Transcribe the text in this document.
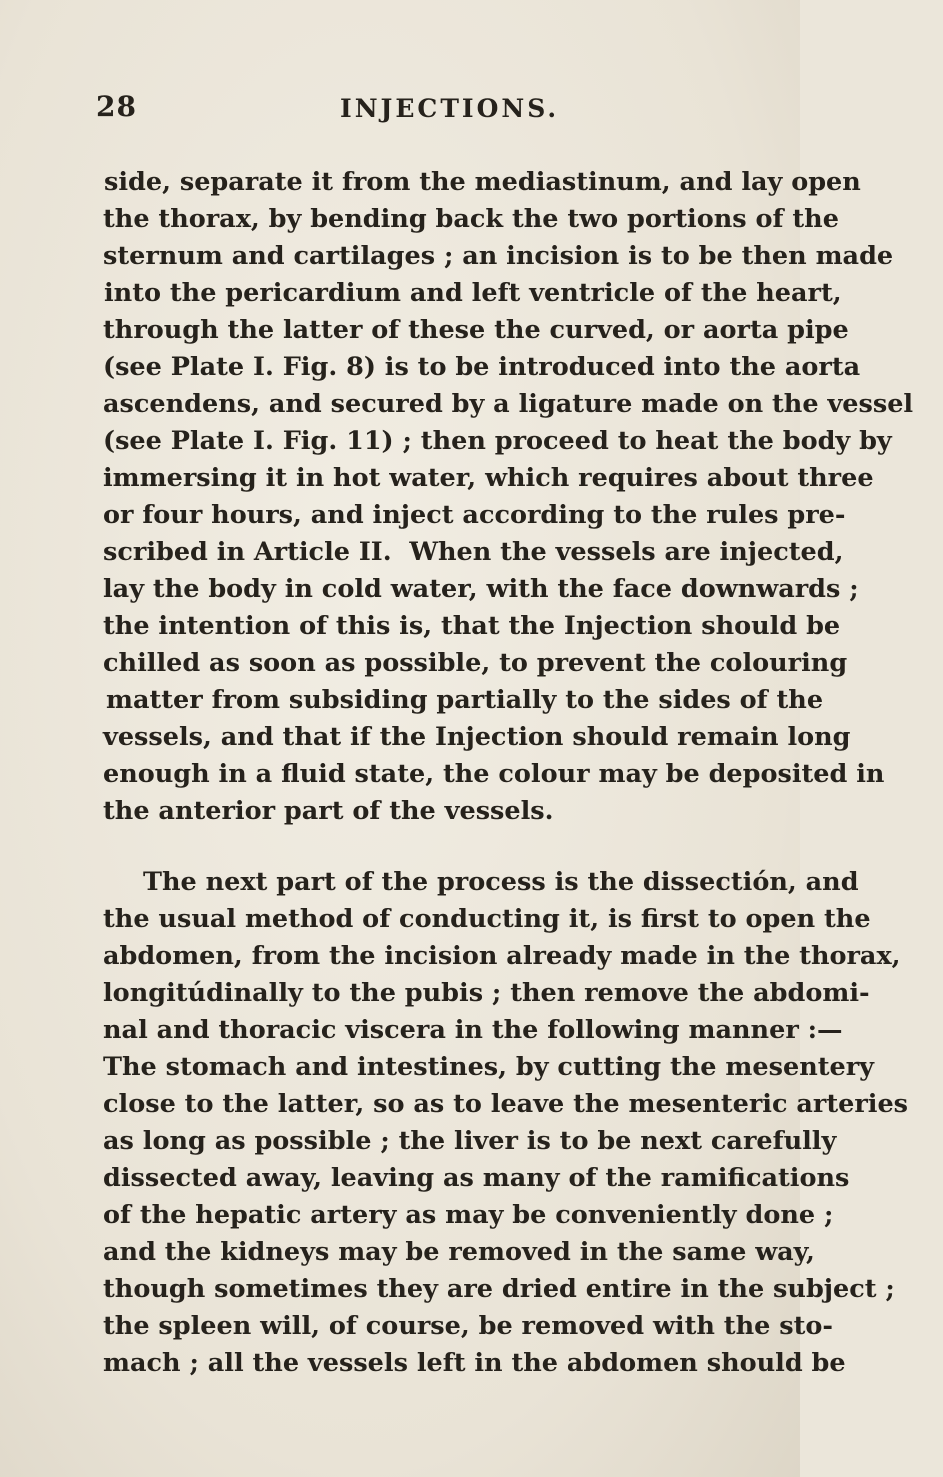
28	INJECTIONS.
side, separate it from the mediastinum, and lay open
the thorax, by bending back the two portions of the
sternum and cartilages ; an incision is to be then made
into the pericardium and left ventricle of the heart,
through the latter of these the curved, or aorta pipe
(see Plate I. Fig. 8) is to be introduced into the aorta
ascendens, and secured by a ligature made on the vessel
(see Plate I. Fig. 11) ; then proceed to heat the body by
immersing it in hot water, which requires about three
or four hours, and inject according to the rules pre-
scribed in Article II.  When the vessels are injected,
lay the body in cold water, with the face downwards ;
the intention of this is, that the Injection should be
chilled as soon as possible, to prevent the colouring
matter from subsiding partially to the sides of the
vessels, and that if the Injection should remain long
enough in a fluid state, the colour may be deposited in
the anterior part of the vessels.
The next part of the process is the dissectión, and
the usual method of conducting it, is first to open the
abdomen, from the incision already made in the thorax,
longitúdinally to the pubis ; then remove the abdomi-
nal and thoracic viscera in the following manner :—
The stomach and intestines, by cutting the mesentery
close to the latter, so as to leave the mesenteric arteries
as long as possible ; the liver is to be next carefully
dissected away, leaving as many of the ramifications
of the hepatic artery as may be conveniently done ;
and the kidneys may be removed in the same way,
though sometimes they are dried entire in the subject ;
the spleen will, of course, be removed with the sto-
mach ; all the vessels left in the abdomen should be
